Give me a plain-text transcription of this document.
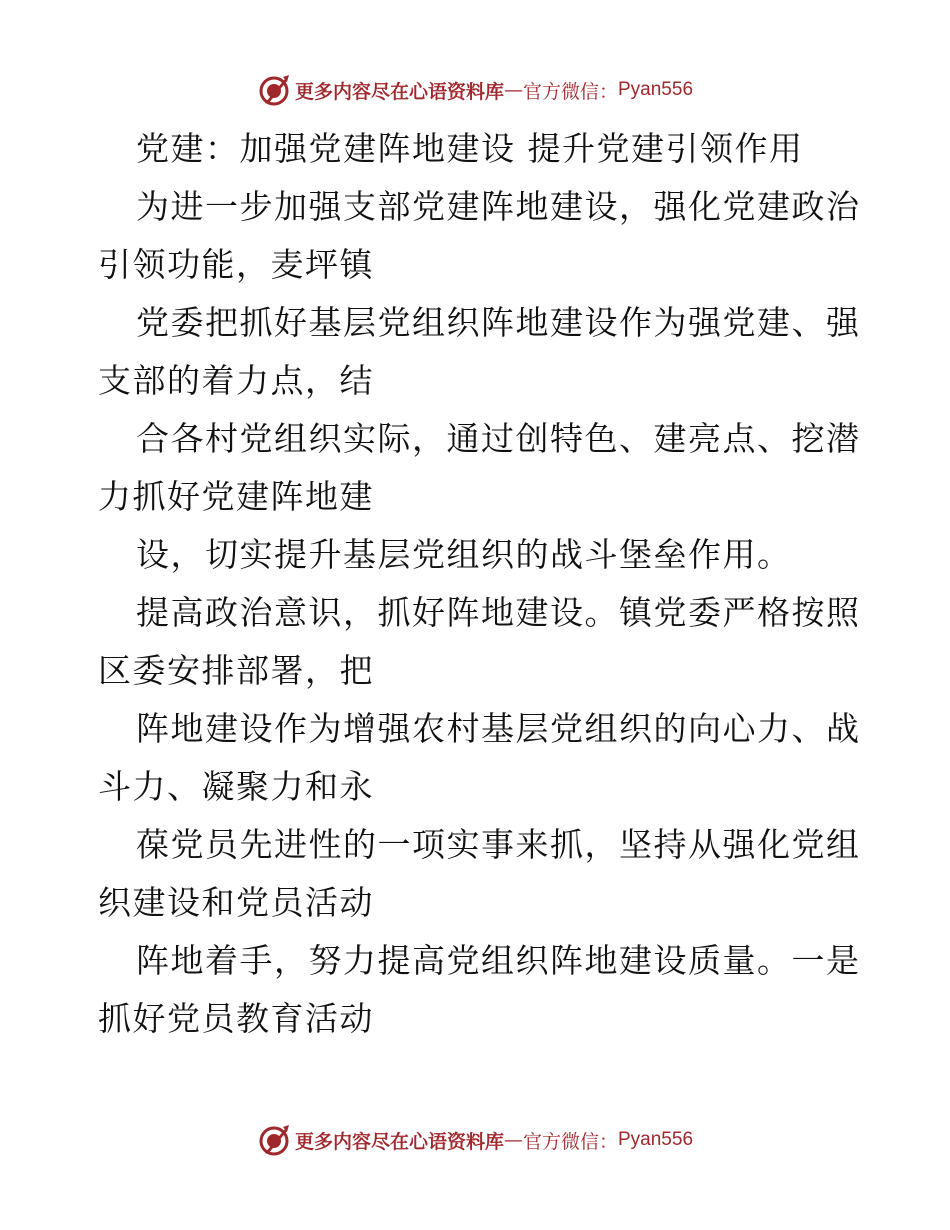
更多内容尽在心语资料库 — 官方微信： Pyan556
党建：加强党建阵地建设 提升党建引领作用
为进一步加强支部党建阵地建设，强化党建政治
引领功能，麦坪镇
党委把抓好基层党组织阵地建设作为强党建、强
支部的着力点，结
合各村党组织实际，通过创特色、建亮点、挖潜
力抓好党建阵地建
设，切实提升基层党组织的战斗堡垒作用。
提高政治意识，抓好阵地建设。镇党委严格按照
区委安排部署，把
阵地建设作为增强农村基层党组织的向心力、战
斗力、凝聚力和永
葆党员先进性的一项实事来抓，坚持从强化党组
织建设和党员活动
阵地着手，努力提高党组织阵地建设质量。一是
抓好党员教育活动
更多内容尽在心语资料库 — 官方微信： Pyan556
